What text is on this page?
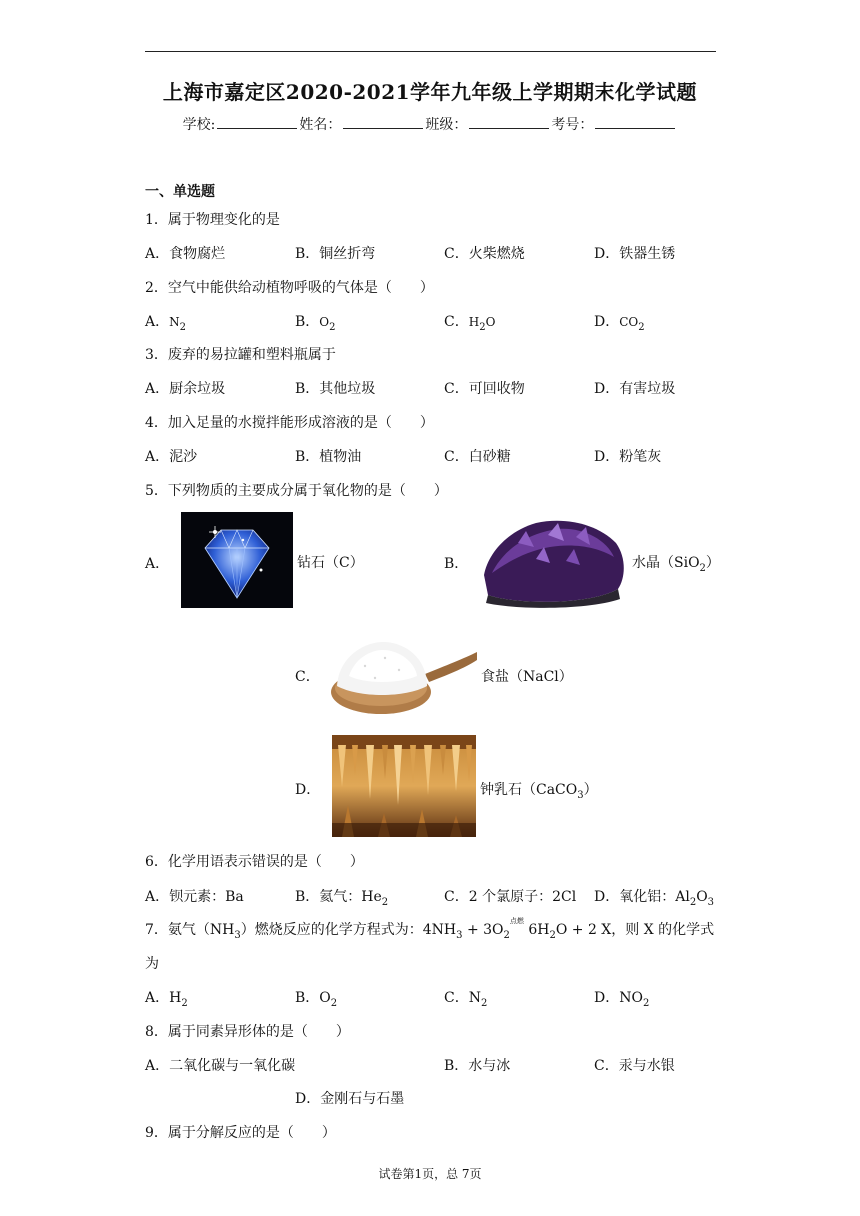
上海市嘉定区2020-2021学年九年级上学期期末化学试题
学校:	姓名：	班级：	考号：
一、单选题
1．属于物理变化的是
A．食物腐烂	B．铜丝折弯	C．火柴燃烧	D．铁器生锈
2．空气中能供给动植物呼吸的气体是（　　）
A．$N_2$	B．$O_2$	C．$H_2O$	D．$CO_2$
3．废弃的易拉罐和塑料瓶属于
A．厨余垃圾	B．其他垃圾	C．可回收物	D．有害垃圾
4．加入足量的水搅拌能形成溶液的是（　　）
A．泥沙	B．植物油	C．白砂糖	D．粉笔灰
5．下列物质的主要成分属于氧化物的是（　　）
A．	钻石（C）	B．	水晶（SiO$_2$）
C．	食盐（NaCl）
D．	钟乳石（CaCO$_3$）
6．化学用语表示错误的是（　　）
A．钡元素：Ba	B．氦气：$He_2$	C．2 个氯原子：2Cl D．氧化铝：$Al_2O_3$
7．氨气$(NH_3)$燃烧反应的化学方程式为：$4NH_3 + 3O_2^{点燃}$ $6H_2O + 2$ X，则 X 的化学式
为
A．$H_2$	B．$O_2$	C．$N_2$	D．$NO_2$
8．属于同素异形体的是（　　）
A．二氧化碳与一氧化碳	B．水与冰	C．汞与水银
D．金刚石与石墨
9．属于分解反应的是（　　）
试卷第1页，总 7页
